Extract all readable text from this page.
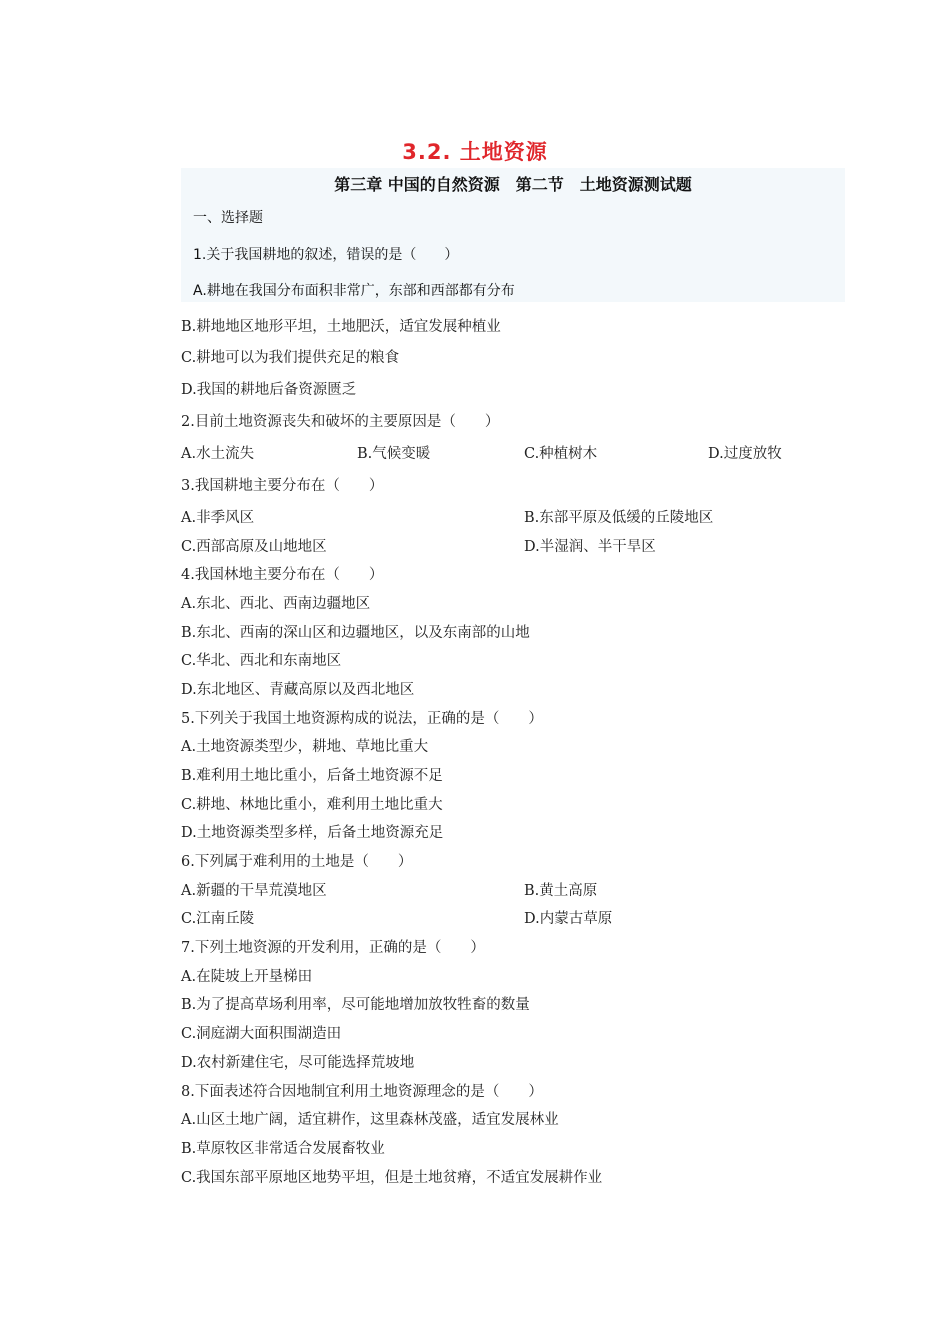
3.2. 土地资源
第三章 中国的自然资源　第二节　土地资源测试题
一、选择题
1.关于我国耕地的叙述，错误的是（　　）
A.耕地在我国分布面积非常广，东部和西部都有分布
B.耕地地区地形平坦，土地肥沃，适宜发展种植业
C.耕地可以为我们提供充足的粮食
D.我国的耕地后备资源匮乏
2.目前土地资源丧失和破坏的主要原因是（　　）
A.水土流失	B.气候变暖	C.种植树木	D.过度放牧
3.我国耕地主要分布在（　　）
A.非季风区	B.东部平原及低缓的丘陵地区
C.西部高原及山地地区	D.半湿润、半干旱区
4.我国林地主要分布在（　　）
A.东北、西北、西南边疆地区
B.东北、西南的深山区和边疆地区，以及东南部的山地
C.华北、西北和东南地区
D.东北地区、青藏高原以及西北地区
5.下列关于我国土地资源构成的说法，正确的是（　　）
A.土地资源类型少，耕地、草地比重大
B.难利用土地比重小，后备土地资源不足
C.耕地、林地比重小，难利用土地比重大
D.土地资源类型多样，后备土地资源充足
6.下列属于难利用的土地是（　　）
A.新疆的干旱荒漠地区	B.黄土高原
C.江南丘陵	D.内蒙古草原
7.下列土地资源的开发利用，正确的是（　　）
A.在陡坡上开垦梯田
B.为了提高草场利用率，尽可能地增加放牧牲畜的数量
C.洞庭湖大面积围湖造田
D.农村新建住宅，尽可能选择荒坡地
8.下面表述符合因地制宜利用土地资源理念的是（　　）
A.山区土地广阔，适宜耕作，这里森林茂盛，适宜发展林业
B.草原牧区非常适合发展畜牧业
C.我国东部平原地区地势平坦，但是土地贫瘠，不适宜发展耕作业
